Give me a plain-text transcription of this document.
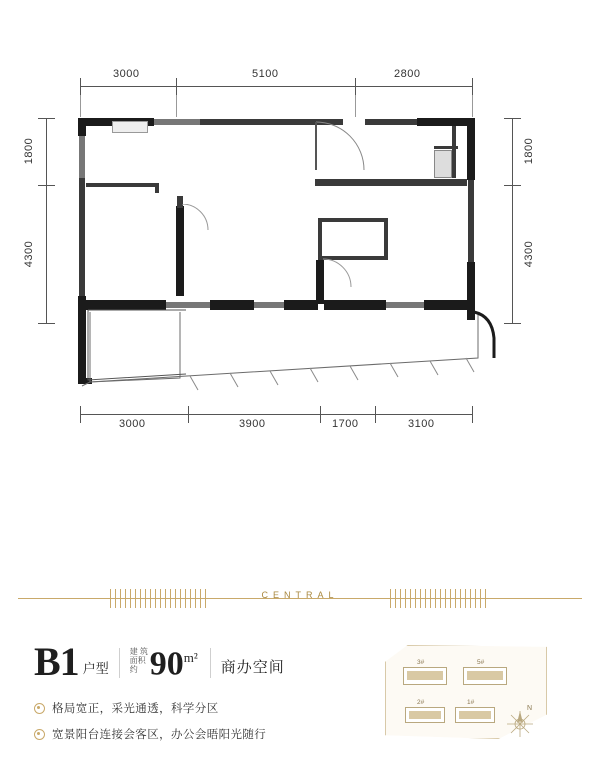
3000	5100	2800
1800
4300
1800
4300
3000	3900	1700	3100
CENTRAL
B1 户型
建 筑
面积约 $90^{m^2}$
商办空间
格局宽正，采光通透，科学分区
宽景阳台连接会客区，办公会晤阳光随行
3#	5#
2#	1#
N
